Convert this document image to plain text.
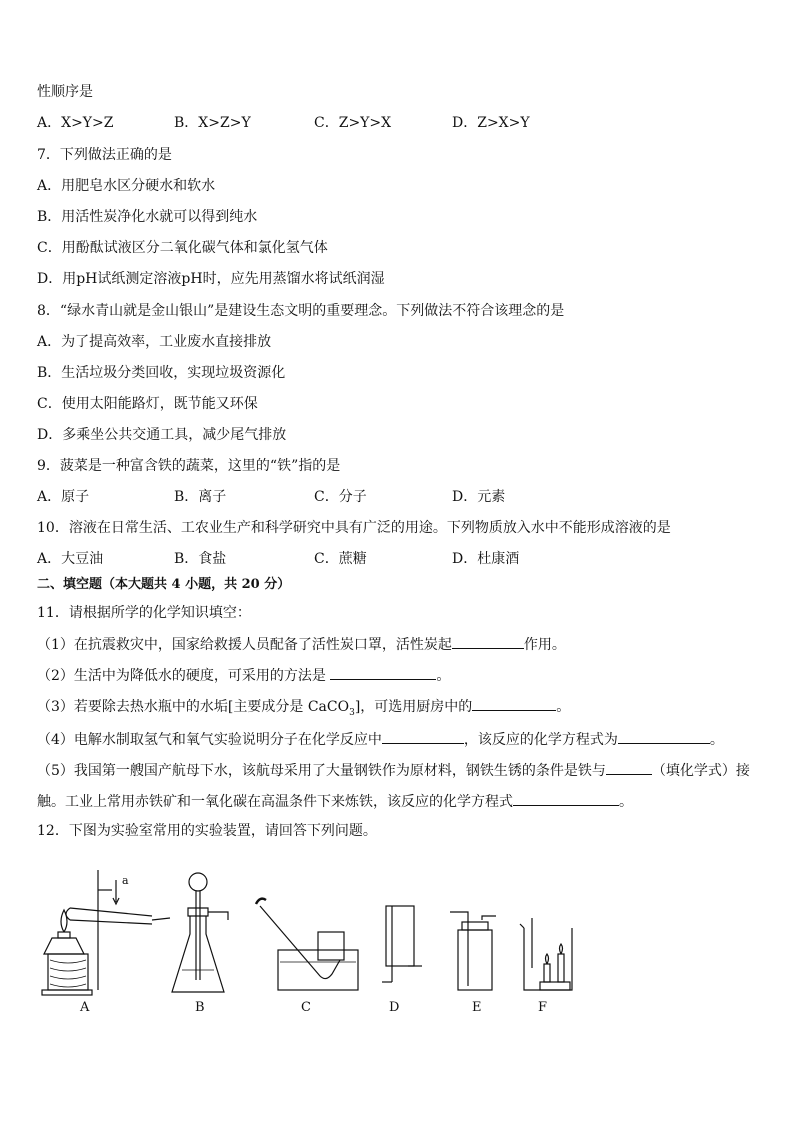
性顺序是
A．X>Y>Z	B．X>Z>Y	C．Z>Y>X	D．Z>X>Y
7．下列做法正确的是
A．用肥皂水区分硬水和软水
B．用活性炭净化水就可以得到纯水
C．用酚酞试液区分二氧化碳气体和氯化氢气体
D．用pH试纸测定溶液pH时，应先用蒸馏水将试纸润湿
8．“绿水青山就是金山银山”是建设生态文明的重要理念。下列做法不符合该理念的是
A．为了提高效率，工业废水直接排放
B．生活垃圾分类回收，实现垃圾资源化
C．使用太阳能路灯，既节能又环保
D．多乘坐公共交通工具，减少尾气排放
9．菠菜是一种富含铁的蔬菜，这里的“铁”指的是
A．原子	B．离子	C．分子	D．元素
10．溶液在日常生活、工农业生产和科学研究中具有广泛的用途。下列物质放入水中不能形成溶液的是
A．大豆油	B．食盐	C．蔗糖	D．杜康酒
二、填空题（本大题共 4 小题，共 20 分）
11．请根据所学的化学知识填空：
（1）在抗震救灾中，国家给救援人员配备了活性炭口罩，活性炭起	作用。
（2）生活中为降低水的硬度，可采用的方法是	。
（3）若要除去热水瓶中的水垢[主要成分是 CaCO$_3$]，可选用厨房中的	。
（4）电解水制取氢气和氧气实验说明分子在化学反应中	，该反应的化学方程式为	。
（5）我国第一艘国产航母下水，该航母采用了大量钢铁作为原材料，钢铁生锈的条件是铁与	（填化学式）接
触。工业上常用赤铁矿和一氧化碳在高温条件下来炼铁，该反应的化学方程式	。
12．下图为实验室常用的实验装置，请回答下列问题。
a
A	B	C	D	E	F
